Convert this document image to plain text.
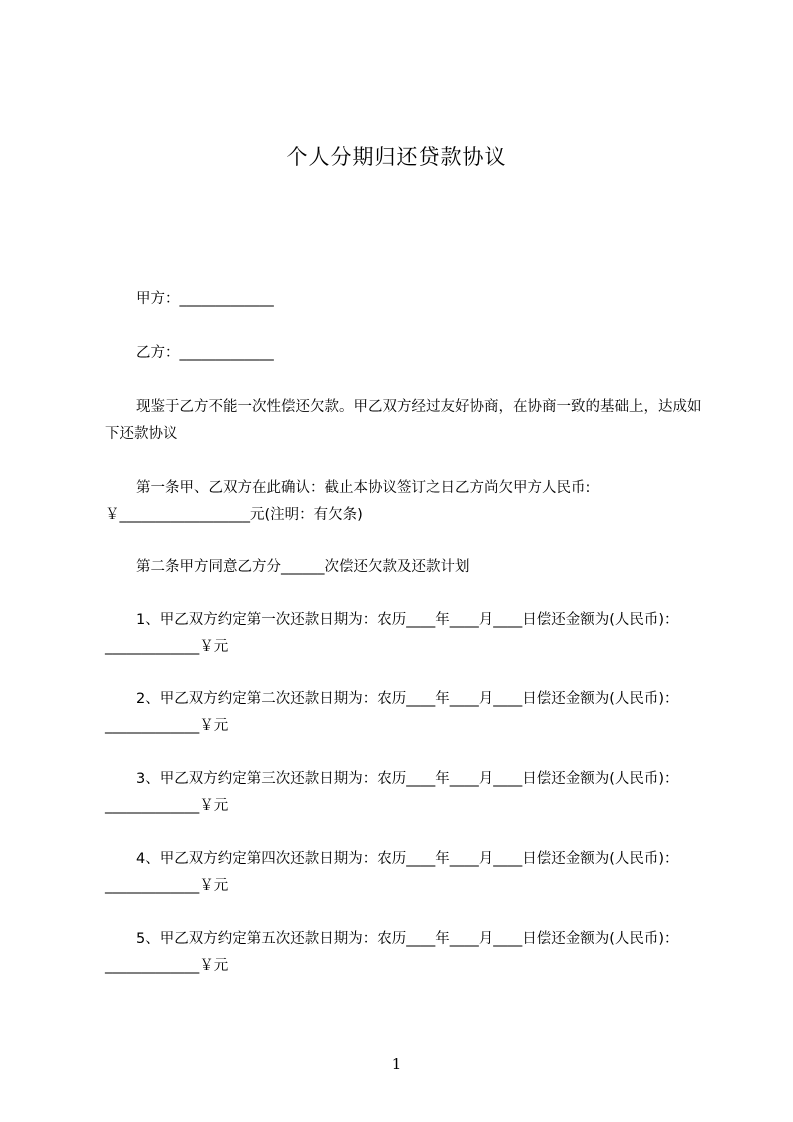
个人分期归还贷款协议
甲方：_____________
乙方：_____________
现鉴于乙方不能一次性偿还欠款。甲乙双方经过友好协商，在协商一致的基础上，达成如下还款协议
第一条甲、乙双方在此确认：截止本协议签订之日乙方尚欠甲方人民币:￥__________________元(注明：有欠条)
第二条甲方同意乙方分______次偿还欠款及还款计划
1、甲乙双方约定第一次还款日期为：农历____年____月____日偿还金额为(人民币)：_____________￥元
2、甲乙双方约定第二次还款日期为：农历____年____月____日偿还金额为(人民币)：_____________￥元
3、甲乙双方约定第三次还款日期为：农历____年____月____日偿还金额为(人民币)：_____________￥元
4、甲乙双方约定第四次还款日期为：农历____年____月____日偿还金额为(人民币)：_____________￥元
5、甲乙双方约定第五次还款日期为：农历____年____月____日偿还金额为(人民币)：_____________￥元
1
